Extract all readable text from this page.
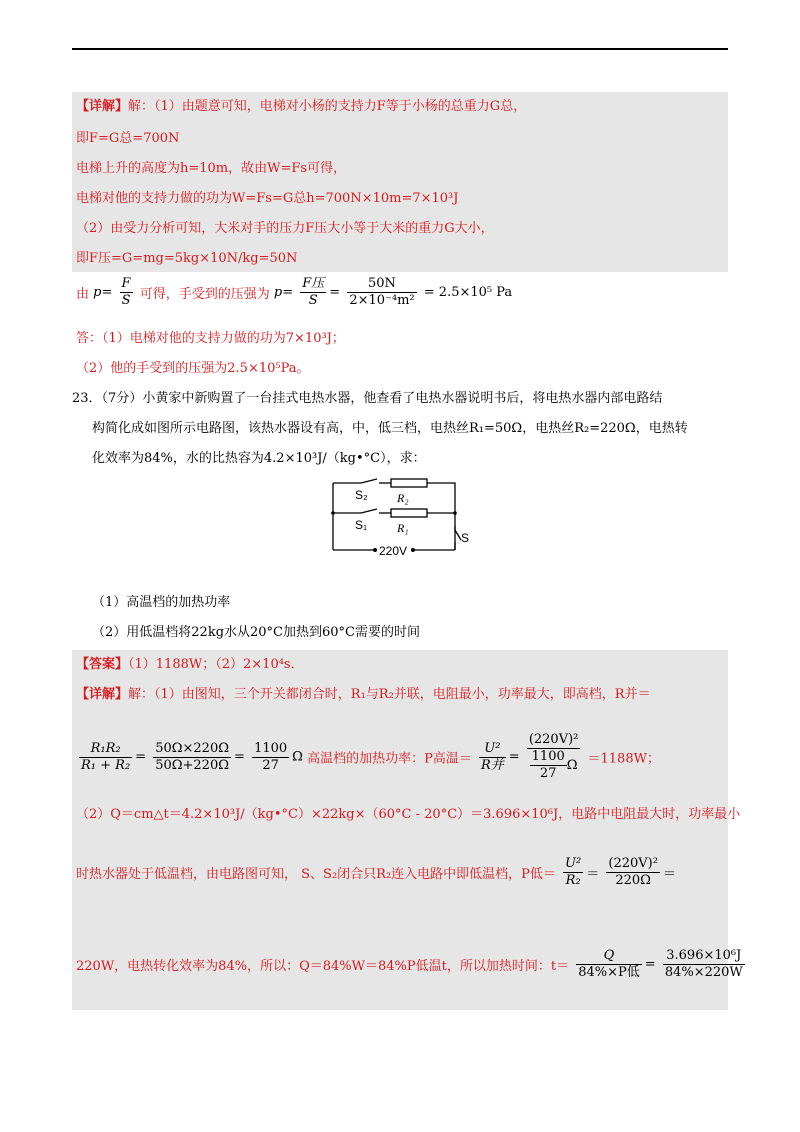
【详解】解：（1）由题意可知，电梯对小杨的支持力F等于小杨的总重力G总，
即F=G总=700N
电梯上升的高度为h=10m，故由W=Fs可得，
电梯对他的支持力做的功为W=Fs=G总h=700N×10m=7×10³J
（2）由受力分析可知，大米对手的压力F压大小等于大米的重力G大小，
即F压=G=mg=5kg×10N/kg=50N
由 $p= \frac{F}{S}$ 可得，手受到的压强为 $p= \frac{\text{F压}}{S} = \frac{50N}{\text{2×10⁻⁴m²}} = 2.5\times 10^5$ Pa
答：（1）电梯对他的支持力做的功为7×10³J；
（2）他的手受到的压强为2.5×10⁵Pa。
23．（7分）小黄家中新购置了一台挂式电热水器，他查看了电热水器说明书后，将电热水器内部电路结
构简化成如图所示电路图，该热水器设有高，中，低三档，电热丝R₁=50Ω，电热丝R₂=220Ω，电热转
化效率为84%，水的比热容为4.2×10³J/（kg•°C），求：
S₂ R₂
S₁ R₁
S
220V
（1）高温档的加热功率
（2）用低温档将22kg水从20°C加热到60°C需要的时间
【答案】（1）1188W；（2）2×10⁴s．
【详解】解：（1）由图知，三个开关都闭合时，R₁与R₂并联，电阻最小，功率最大，即高档，R并＝
$\frac{\text{R₁R₂}}{\text{R₁ + R₂}} = \frac{50\Omega\times 220\Omega}{50\Omega+220\Omega} = \frac{1100}{27}$ Ω 高温档的加热功率：P高温＝ $\frac{\text{U²}}{\text{R并}} = \frac{\text{(220V)²}}{\frac{1100}{27} \Omega} =1188W$；
（2）Q＝cm△t＝4.2×10³J/（kg•°C）×22kg×（60°C - 20°C）＝3.696×10⁶J，电路中电阻最大时，功率最小
时热水器处于低温档，由电路图可知， S、S₂闭合只R₂连入电路中即低温档，P低＝ $\frac{\text{U²}}{\text{R₂}} = \frac{\text{(220V)²}}{220\Omega}$ ＝
220W，电热转化效率为84%，所以：Q＝84%W＝84%P低温t，所以加热时间：$t= \frac{Q}{\text{84\%×P低}} = \frac{\text{3.696×10⁶J}}{84\%\times 220W}$
